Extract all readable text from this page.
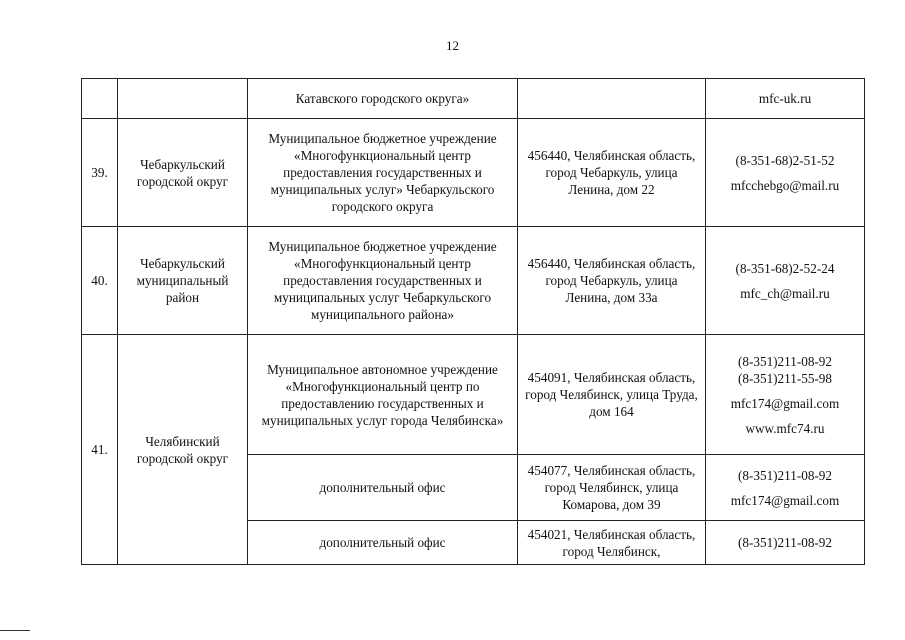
12
		Катавского городского округа»		mfc-uk.ru

39.	Чебаркульский городской округ	Муниципальное бюджетное учреждение «Многофункциональный центр предоставления государственных и муниципальных услуг» Чебаркульского городского округа	456440, Челябинская область, город Чебаркуль, улица Ленина, дом 22	(8-351-68)2-51-52
mfcchebgo@mail.ru

40.	Чебаркульский муниципальный район	Муниципальное бюджетное учреждение «Многофункциональный центр предоставления государственных и муниципальных услуг Чебаркульского муниципального района»	456440, Челябинская область, город Чебаркуль, улица Ленина, дом 33а	(8-351-68)2-52-24
mfc_ch@mail.ru

41.	Челябинский городской округ	Муниципальное автономное учреждение «Многофункциональный центр по предоставлению государственных и муниципальных услуг города Челябинска»	454091, Челябинская область, город Челябинск, улица Труда, дом 164	(8-351)211-08-92
(8-351)211-55-98
mfc174@gmail.com
www.mfc74.ru

		дополнительный офис	454077, Челябинская область, город Челябинск, улица Комарова, дом 39	(8-351)211-08-92
mfc174@gmail.com

		дополнительный офис	454021, Челябинская область, город Челябинск,	(8-351)211-08-92
